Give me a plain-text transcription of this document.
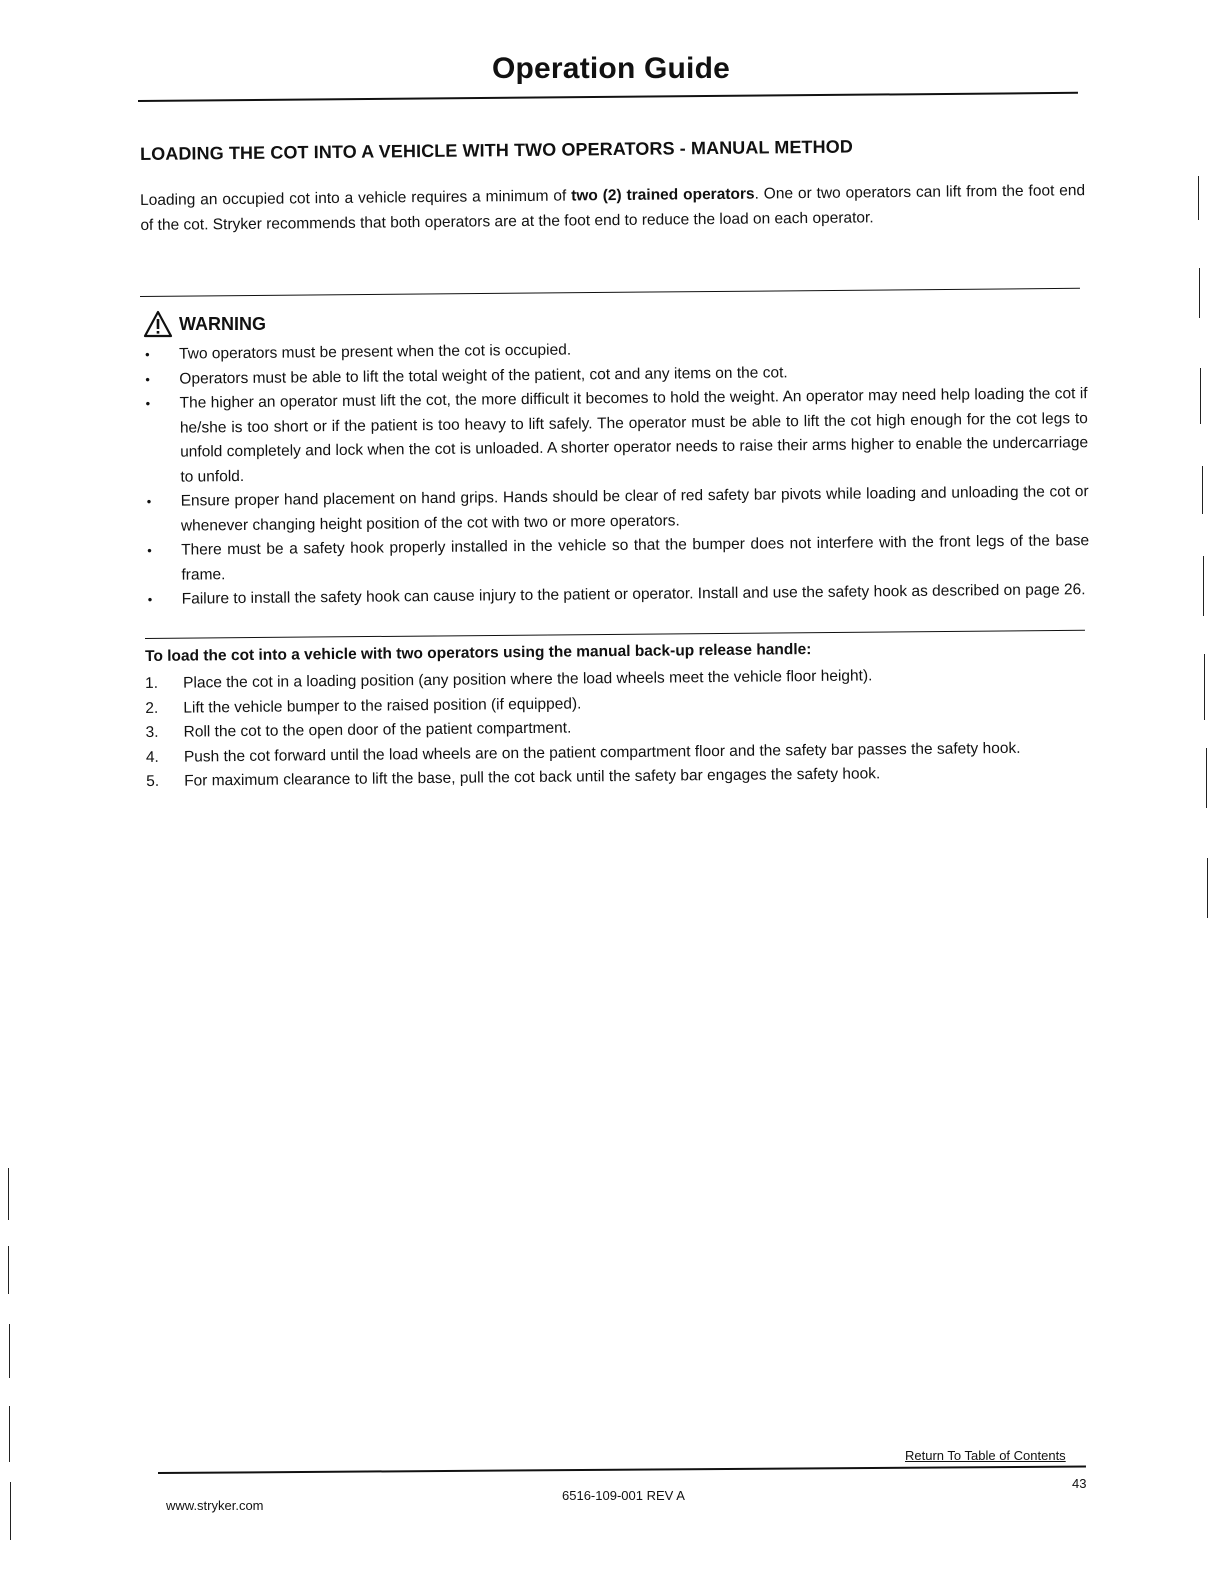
Operation Guide
LOADING THE COT INTO A VEHICLE WITH TWO OPERATORS - MANUAL METHOD
Loading an occupied cot into a vehicle requires a minimum of two (2) trained operators. One or two operators can lift from the foot end of the cot. Stryker recommends that both operators are at the foot end to reduce the load on each operator.
WARNING
•	Two operators must be present when the cot is occupied.
•	Operators must be able to lift the total weight of the patient, cot and any items on the cot.
•	The higher an operator must lift the cot, the more difficult it becomes to hold the weight. An operator may need help loading the cot if he/she is too short or if the patient is too heavy to lift safely. The operator must be able to lift the cot high enough for the cot legs to unfold completely and lock when the cot is unloaded. A shorter operator needs to raise their arms higher to enable the undercarriage to unfold.
•	Ensure proper hand placement on hand grips. Hands should be clear of red safety bar pivots while loading and unloading the cot or whenever changing height position of the cot with two or more operators.
•	There must be a safety hook properly installed in the vehicle so that the bumper does not interfere with the front legs of the base frame.
•	Failure to install the safety hook can cause injury to the patient or operator. Install and use the safety hook as described on page 26.
To load the cot into a vehicle with two operators using the manual back-up release handle:
1.	Place the cot in a loading position (any position where the load wheels meet the vehicle floor height).
2.	Lift the vehicle bumper to the raised position (if equipped).
3.	Roll the cot to the open door of the patient compartment.
4.	Push the cot forward until the load wheels are on the patient compartment floor and the safety bar passes the safety hook.
5.	For maximum clearance to lift the base, pull the cot back until the safety bar engages the safety hook.
Return To Table of Contents
www.stryker.com
6516-109-001 REV A
43
